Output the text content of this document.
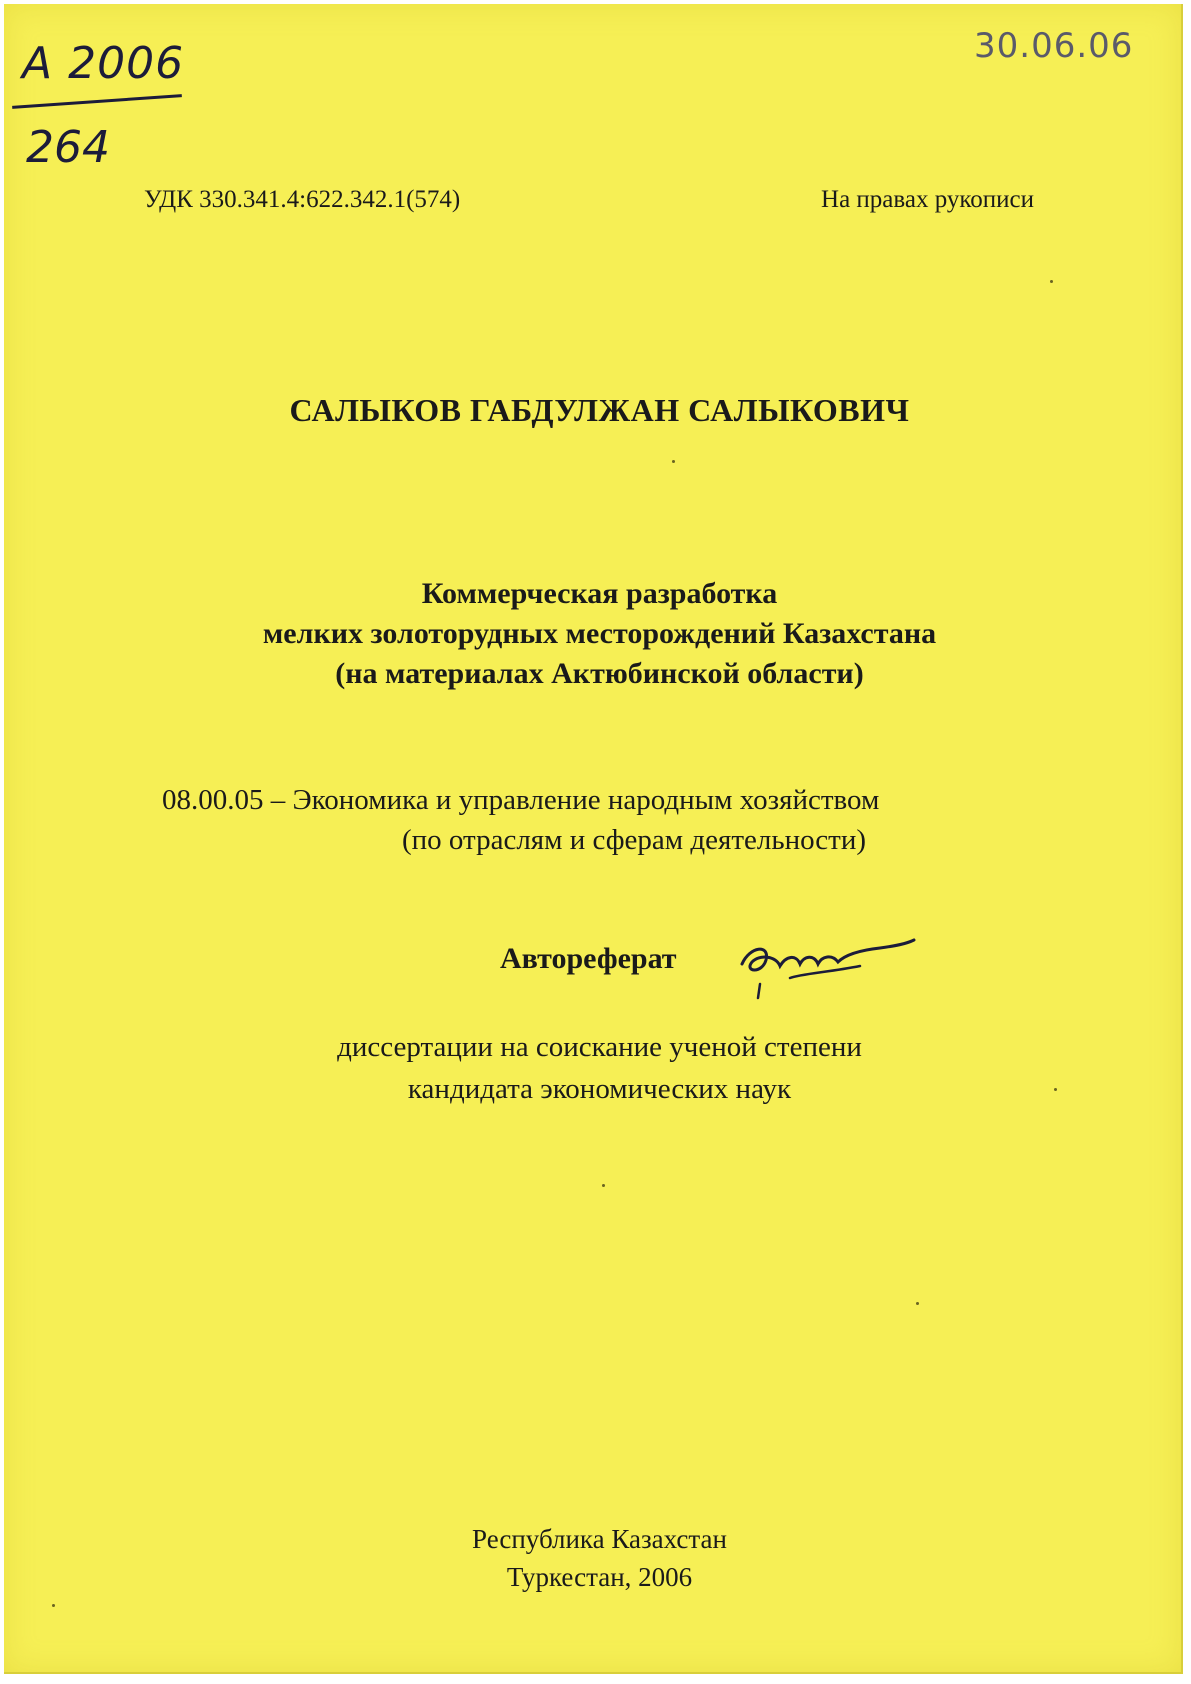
A 2006
264
30.06.06
УДК 330.341.4:622.342.1(574)	На правах рукописи
САЛЫКОВ ГАБДУЛЖАН САЛЫКОВИЧ
Коммерческая разработка
мелких золоторудных месторождений Казахстана
(на материалах Актюбинской области)
08.00.05 – Экономика и управление народным хозяйством
(по отраслям и сферам деятельности)
Автореферат
диссертации на соискание ученой степени
кандидата экономических наук
Республика Казахстан
Туркестан, 2006
